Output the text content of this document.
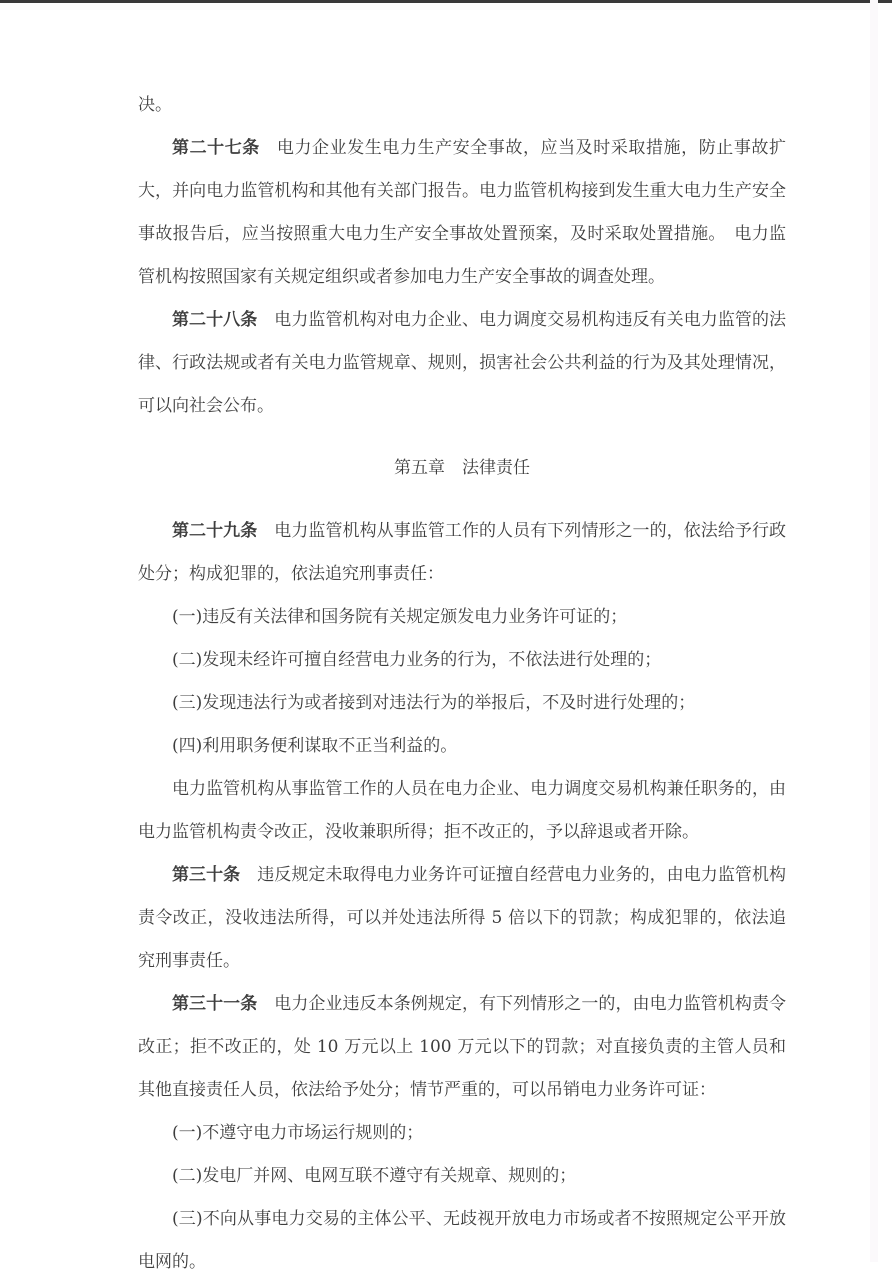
决。

第二十七条 电力企业发生电力生产安全事故，应当及时采取措施，防止事故扩大，并向电力监管机构和其他有关部门报告。电力监管机构接到发生重大电力生产安全事故报告后，应当按照重大电力生产安全事故处置预案，及时采取处置措施。　电力监管机构按照国家有关规定组织或者参加电力生产安全事故的调查处理。

第二十八条 电力监管机构对电力企业、电力调度交易机构违反有关电力监管的法律、行政法规或者有关电力监管规章、规则，损害社会公共利益的行为及其处理情况，可以向社会公布。

第五章　法律责任

第二十九条 电力监管机构从事监管工作的人员有下列情形之一的，依法给予行政处分；构成犯罪的，依法追究刑事责任：

(一)违反有关法律和国务院有关规定颁发电力业务许可证的；

(二)发现未经许可擅自经营电力业务的行为，不依法进行处理的；

(三)发现违法行为或者接到对违法行为的举报后，不及时进行处理的；

(四)利用职务便利谋取不正当利益的。

电力监管机构从事监管工作的人员在电力企业、电力调度交易机构兼任职务的，由电力监管机构责令改正，没收兼职所得；拒不改正的，予以辞退或者开除。

第三十条 违反规定未取得电力业务许可证擅自经营电力业务的，由电力监管机构责令改正，没收违法所得，可以并处违法所得 5 倍以下的罚款；构成犯罪的，依法追究刑事责任。

第三十一条 电力企业违反本条例规定，有下列情形之一的，由电力监管机构责令改正；拒不改正的，处 10 万元以上 100 万元以下的罚款；对直接负责的主管人员和其他直接责任人员，依法给予处分；情节严重的，可以吊销电力业务许可证：

(一)不遵守电力市场运行规则的；

(二)发电厂并网、电网互联不遵守有关规章、规则的；

(三)不向从事电力交易的主体公平、无歧视开放电力市场或者不按照规定公平开放电网的。
